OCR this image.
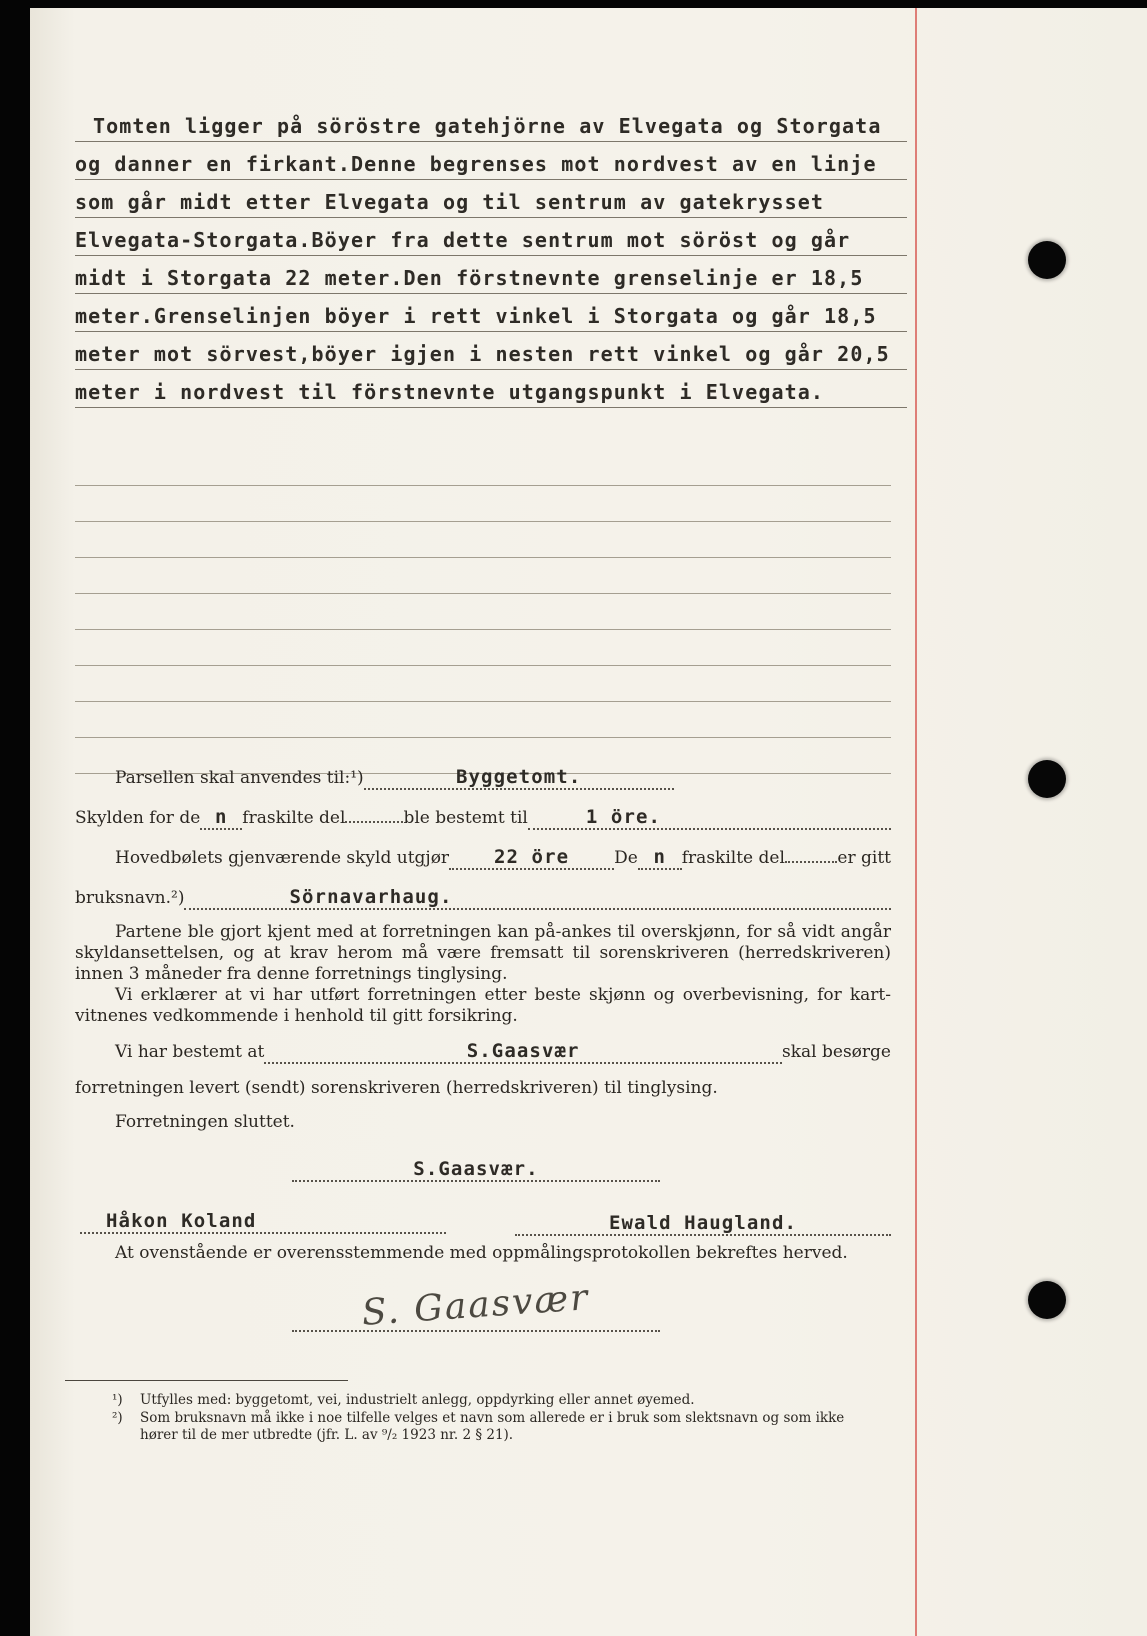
Tomten ligger på söröstre gatehjörne av Elvegata og Storgata
og danner en firkant.Denne begrenses mot nordvest av en linje
som går midt etter Elvegata og til sentrum av gatekrysset
Elvegata-Storgata.Böyer fra dette sentrum mot söröst og går
midt i Storgata 22 meter.Den förstnevnte grenselinje er 18,5
meter.Grenselinjen böyer i rett vinkel i Storgata og går 18,5
meter mot sörvest,böyer igjen i nesten rett vinkel og går 20,5
meter i nordvest til förstnevnte utgangspunkt i Elvegata.
Parsellen skal anvendes til:¹)	Byggetomt.
Skylden for de n fraskilte del	ble bestemt til	1 öre.
Hovedbølets gjenværende skyld utgjør 22 öre	De n fraskilte del	er gitt
bruksnavn.²)	Sörnavarhaug.

Partene ble gjort kjent med at forretningen kan på-ankes til overskjønn, for så vidt angår skyldansettelsen, og at krav herom må være fremsatt til sorenskriveren (herredskriveren) innen 3 måneder fra denne forretnings tinglysing.

Vi erklærer at vi har utført forretningen etter beste skjønn og overbevisning, for kart-vitnenes vedkommende i henhold til gitt forsikring.

Vi har bestemt at	S.Gaasvær	skal besørge
forretningen levert (sendt) sorenskriveren (herredskriveren) til tinglysing.
Forretningen sluttet.
S.Gaasvær.
Håkon Koland	Ewald Haugland.
At ovenstående er overensstemmende med oppmålingsprotokollen bekreftes herved.
S. Gaasvær
¹)	Utfylles med: byggetomt, vei, industrielt anlegg, oppdyrking eller annet øyemed.
²)	Som bruksnavn må ikke i noe tilfelle velges et navn som allerede er i bruk som slektsnavn og som ikke hører til de mer utbredte (jfr. L. av ⁹/₂ 1923 nr. 2 § 21).
